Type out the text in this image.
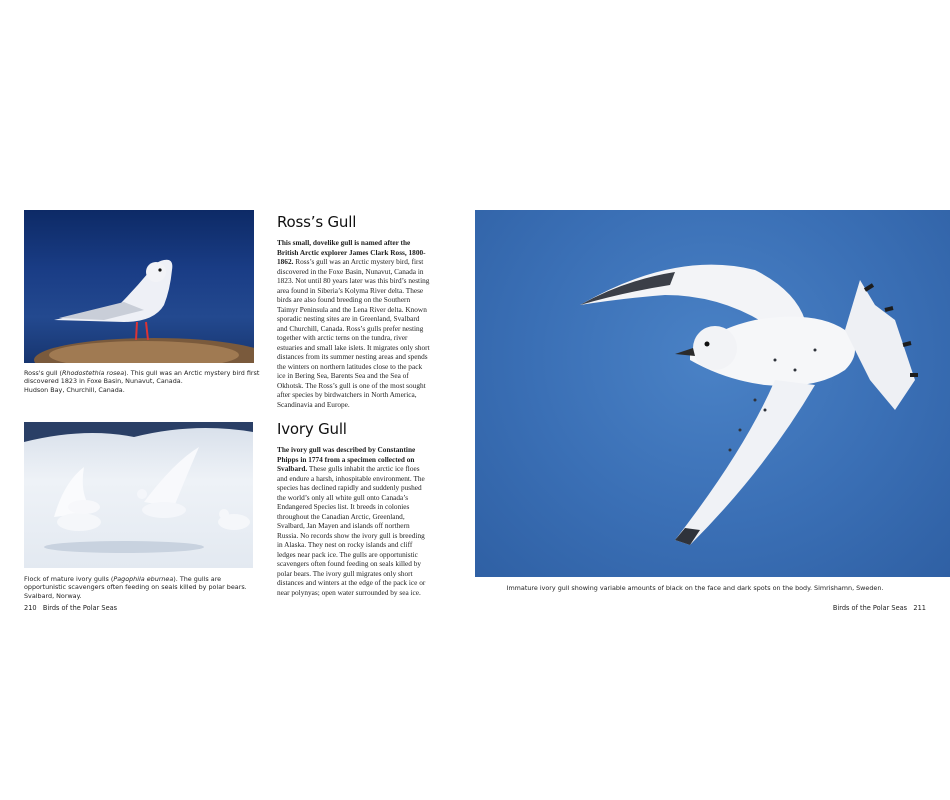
Ross's gull (Rhodostethia rosea). This gull was an Arctic mystery bird first discovered 1823 in Foxe Basin, Nunavut, Canada.
Hudson Bay, Churchill, Canada.
Flock of mature ivory gulls (Pagophila eburnea). The gulls are opportunistic scavengers often feeding on seals killed by polar bears. Svalbard, Norway.
Ross’s Gull

This small, dovelike gull is named after the British Arctic explorer James Clark Ross, 1800-1862. Ross’s gull was an Arctic mystery bird, first discovered in the Foxe Basin, Nunavut, Canada in 1823. Not until 80 years later was this bird’s nesting area found in Siberia’s Kolyma River delta. These birds are also found breeding on the Southern Taimyr Peninsula and the Lena River delta. Known sporadic nesting sites are in Greenland, Svalbard and Churchill, Canada. Ross’s gulls prefer nesting together with arctic terns on the tundra, river estuaries and small lake islets. It migrates only short distances from its summer nesting areas and spends the winters on northern latitudes close to the pack ice in Bering Sea, Barents Sea and the Sea of Okhotsk. The Ross’s gull is one of the most sought after species by birdwatchers in North America, Scandinavia and Europe.

Ivory Gull

The ivory gull was described by Constantine Phipps in 1774 from a specimen collected on Svalbard. These gulls inhabit the arctic ice floes and endure a harsh, inhospitable environment. The species has declined rapidly and suddenly pushed the world’s only all white gull onto Canada’s Endangered Species list. It breeds in colonies throughout the Canadian Arctic, Greenland, Svalbard, Jan Mayen and islands off northern Russia. No records show the ivory gull is breeding in Alaska. They nest on rocky islands and cliff ledges near pack ice. The gulls are opportunistic scavengers often found feeding on seals killed by polar bears. The ivory gull migrates only short distances and winters at the edge of the pack ice or near polynyas; open water surrounded by sea ice.

210 Birds of the Polar Seas
Immature ivory gull showing variable amounts of black on the face and dark spots on the body. Simrishamn, Sweden.
Birds of the Polar Seas 211
